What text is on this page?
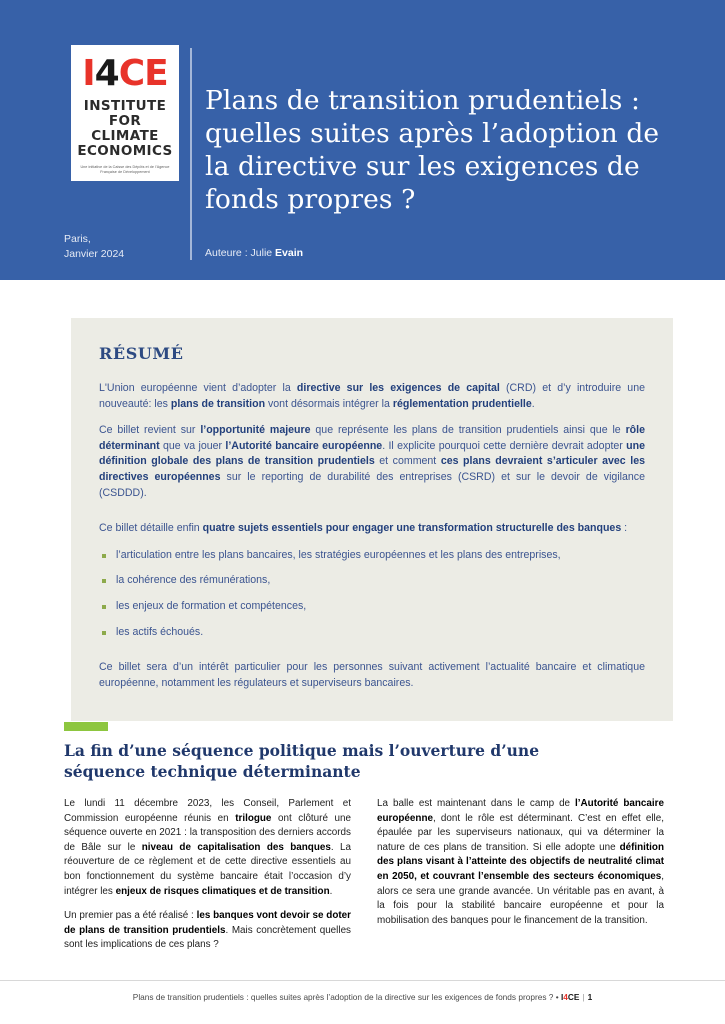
I4CE
INSTITUTE FOR
CLIMATE
ECONOMICS
Une initiative de la Caisse des Dépôts et de l'Agence Française de Développement
Plans de transition prudentiels : quelles suites après l’adoption de la directive sur les exigences de fonds propres ?
Paris,
Janvier 2024	Auteure : Julie Evain
RÉSUMÉ

L'Union européenne vient d’adopter la directive sur les exigences de capital (CRD) et d’y introduire une nouveauté: les plans de transition vont désormais intégrer la réglementation prudentielle.

Ce billet revient sur l’opportunité majeure que représente les plans de transition prudentiels ainsi que le rôle déterminant que va jouer l’Autorité bancaire européenne. Il explicite pourquoi cette dernière devrait adopter une définition globale des plans de transition prudentiels et comment ces plans devraient s’articuler avec les directives européennes sur le reporting de durabilité des entreprises (CSRD) et sur le devoir de vigilance (CSDDD).

Ce billet détaille enfin quatre sujets essentiels pour engager une transformation structurelle des banques :

l’articulation entre les plans bancaires, les stratégies européennes et les plans des entreprises,
la cohérence des rémunérations,
les enjeux de formation et compétences,
les actifs échoués.

Ce billet sera d’un intérêt particulier pour les personnes suivant activement l’actualité bancaire et climatique européenne, notamment les régulateurs et superviseurs bancaires.

La fin d’une séquence politique mais l’ouverture d’une séquence technique déterminante

Le lundi 11 décembre 2023, les Conseil, Parlement et Commission européenne réunis en trilogue ont clôturé une séquence ouverte en 2021 : la transposition des derniers accords de Bâle sur le niveau de capitalisation des banques. La réouverture de ce règlement et de cette directive essentiels au bon fonctionnement du système bancaire était l’occasion d’y intégrer les enjeux de risques climatiques et de transition.

Un premier pas a été réalisé : les banques vont devoir se doter de plans de transition prudentiels. Mais concrètement quelles sont les implications de ces plans ?

La balle est maintenant dans le camp de l’Autorité bancaire européenne, dont le rôle est déterminant. C’est en effet elle, épaulée par les superviseurs nationaux, qui va déterminer la nature de ces plans de transition. Si elle adopte une définition des plans visant à l’atteinte des objectifs de neutralité climat en 2050, et couvrant l’ensemble des secteurs économiques, alors ce sera une grande avancée. Un véritable pas en avant, à la fois pour la stabilité bancaire européenne et pour la mobilisation des banques pour le financement de la transition.

Plans de transition prudentiels : quelles suites après l’adoption de la directive sur les exigences de fonds propres ? • I4CE | 1
